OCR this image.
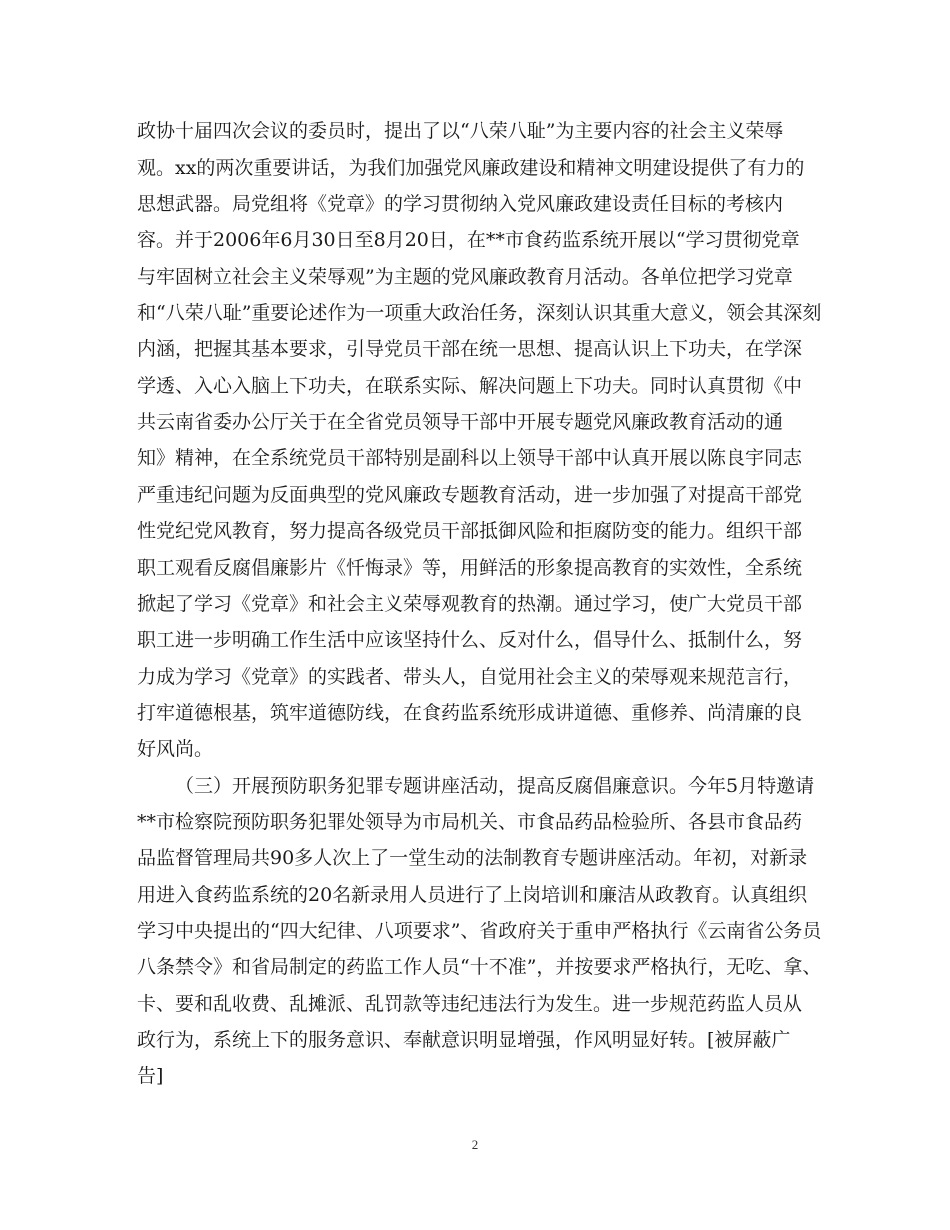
政协十届四次会议的委员时，提出了以“八荣八耻”为主要内容的社会主义荣辱
观。xx的两次重要讲话，为我们加强党风廉政建设和精神文明建设提供了有力的
思想武器。局党组将《党章》的学习贯彻纳入党风廉政建设责任目标的考核内
容。并于2006年6月30日至8月20日，在**市食药监系统开展以“学习贯彻党章
与牢固树立社会主义荣辱观”为主题的党风廉政教育月活动。各单位把学习党章
和“八荣八耻”重要论述作为一项重大政治任务，深刻认识其重大意义，领会其深刻
内涵，把握其基本要求，引导党员干部在统一思想、提高认识上下功夫，在学深
学透、入心入脑上下功夫，在联系实际、解决问题上下功夫。同时认真贯彻《中
共云南省委办公厅关于在全省党员领导干部中开展专题党风廉政教育活动的通
知》精神，在全系统党员干部特别是副科以上领导干部中认真开展以陈良宇同志
严重违纪问题为反面典型的党风廉政专题教育活动，进一步加强了对提高干部党
性党纪党风教育，努力提高各级党员干部抵御风险和拒腐防变的能力。组织干部
职工观看反腐倡廉影片《忏悔录》等，用鲜活的形象提高教育的实效性，全系统
掀起了学习《党章》和社会主义荣辱观教育的热潮。通过学习，使广大党员干部
职工进一步明确工作生活中应该坚持什么、反对什么，倡导什么、抵制什么，努
力成为学习《党章》的实践者、带头人，自觉用社会主义的荣辱观来规范言行，
打牢道德根基，筑牢道德防线，在食药监系统形成讲道德、重修养、尚清廉的良
好风尚。
（三）开展预防职务犯罪专题讲座活动，提高反腐倡廉意识。今年5月特邀请
**市检察院预防职务犯罪处领导为市局机关、市食品药品检验所、各县市食品药
品监督管理局共90多人次上了一堂生动的法制教育专题讲座活动。年初，对新录
用进入食药监系统的20名新录用人员进行了上岗培训和廉洁从政教育。认真组织
学习中央提出的“四大纪律、八项要求”、省政府关于重申严格执行《云南省公务员
八条禁令》和省局制定的药监工作人员“十不准”，并按要求严格执行，无吃、拿、
卡、要和乱收费、乱摊派、乱罚款等违纪违法行为发生。进一步规范药监人员从
政行为，系统上下的服务意识、奉献意识明显增强，作风明显好转。[被屏蔽广
告]
2
